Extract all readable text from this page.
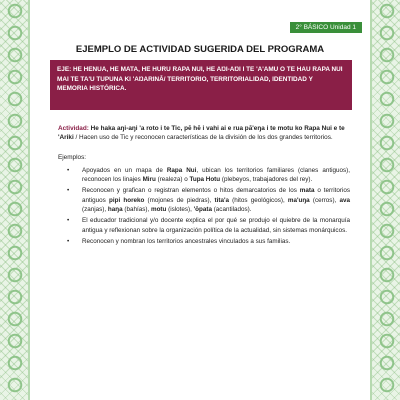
2° BÁSICO Unidad 1
EJEMPLO DE ACTIVIDAD SUGERIDA DEL PROGRAMA
EJE: HE HENUA, HE MATA, HE HURU RAPA NUI, HE AŊI-AŊI I TE 'A'AMU O TE HAU RAPA NUI MAI TE TA'U TUPUNA KI 'AŊARINĀ/ TERRITORIO, TERRITORIALIDAD, IDENTIDAD Y MEMORIA HISTÓRICA.
Actividad: He haka aŋi-aŋi 'a roto i te Tic, pē hē i vahi ai e rua pā'eŋa i te motu ko Rapa Nui e te 'Ariki / Hacen uso de Tic y reconocen características de la división de los dos grandes territorios.
Ejemplos:
• Apoyados en un mapa de Rapa Nui, ubican los territorios familiares (clanes antiguos), reconocen los linajes Miru (realeza) o Tupa Hotu (plebeyos, trabajadores del rey).
• Reconocen y grafican o registran elementos o hitos demarcatorios de los mata o territorios antiguos pipi horeko (mojones de piedras), tita'a (hitos geológicos), ma'uŋa (cerros), ava (zanjas), haŋa (bahías), motu (islotes), 'ōpata (acantilados).
• El educador tradicional y/o docente explica el por qué se produjo el quiebre de la monarquía antigua y reflexionan sobre la organización política de la actualidad, sin sistemas monárquicos.
• Reconocen y nombran los territorios ancestrales vinculados a sus familias.
